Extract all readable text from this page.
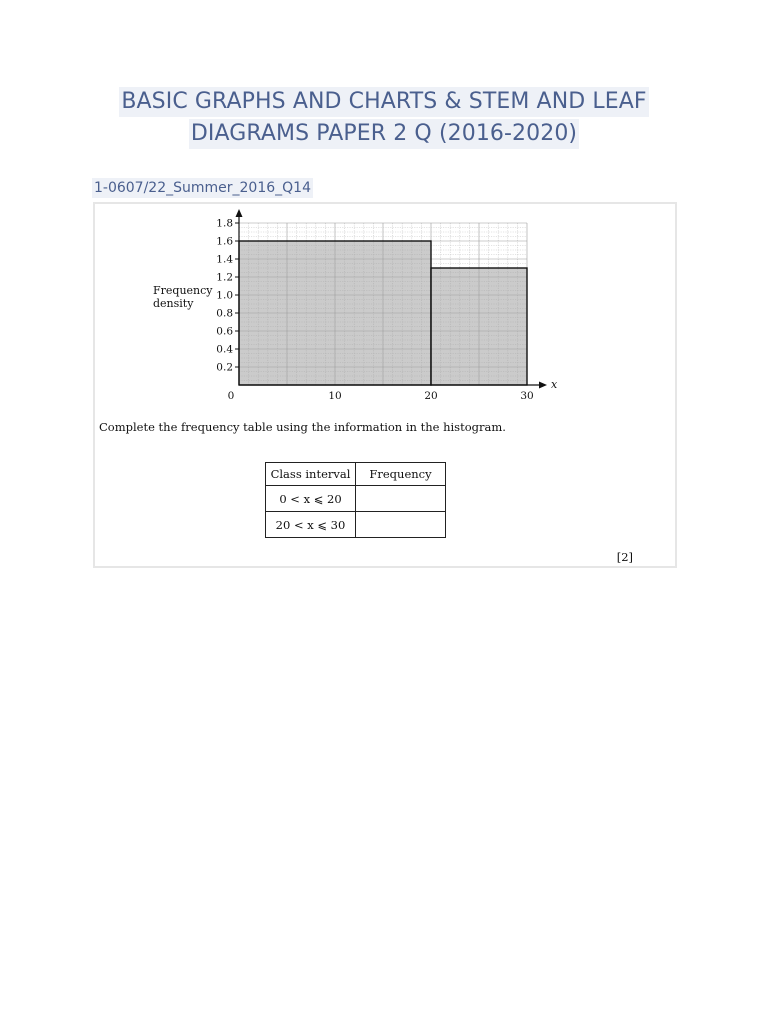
BASIC GRAPHS AND CHARTS & STEM AND LEAF
DIAGRAMS PAPER 2 Q (2016-2020)
1-0607/22_Summer_2016_Q14
Frequency density
x
0.2
0.4
0.6
0.8
1.0
1.2
1.4
1.6
1.8
0	10	20	30
Complete the frequency table using the information in the histogram.
Class interval	Frequency
0 < x ⩽ 20	
20 < x ⩽ 30	
[2]
